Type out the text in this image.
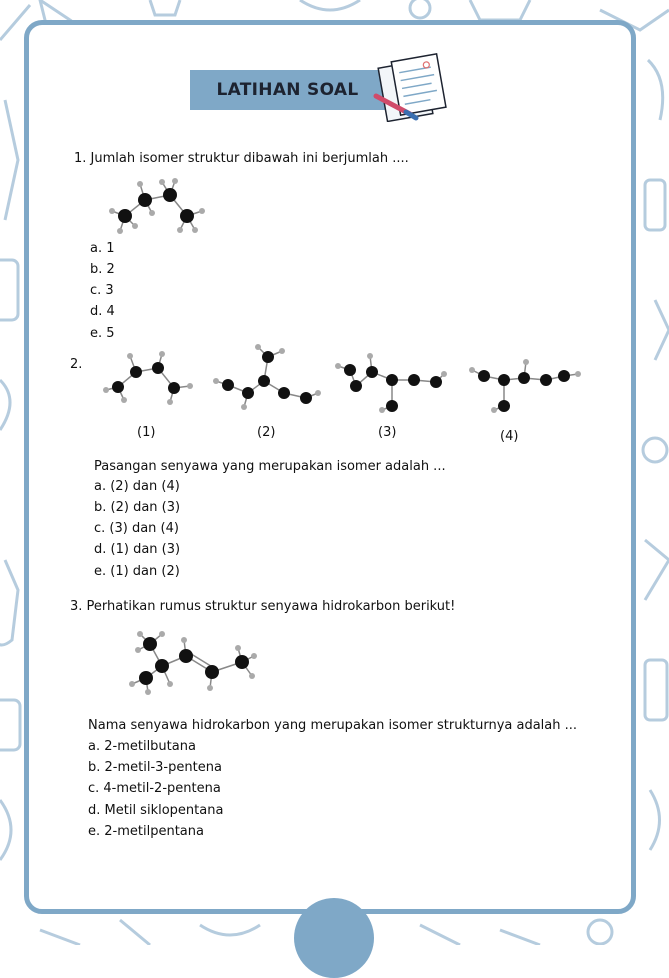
LATIHAN SOAL
1. Jumlah isomer struktur dibawah ini berjumlah ....
a. 1
b. 2
c. 3
d. 4
e. 5
2.
(1)	(2)	(3)	(4)
Pasangan senyawa yang merupakan isomer adalah ...
a. (2) dan (4)
b. (2) dan (3)
c. (3) dan (4)
d. (1) dan (3)
e. (1) dan (2)
3. Perhatikan rumus struktur senyawa hidrokarbon berikut!
Nama senyawa hidrokarbon yang merupakan isomer strukturnya adalah ...
a. 2-metilbutana
b. 2-metil-3-pentena
c. 4-metil-2-pentena
d. Metil siklopentana
e. 2-metilpentana
